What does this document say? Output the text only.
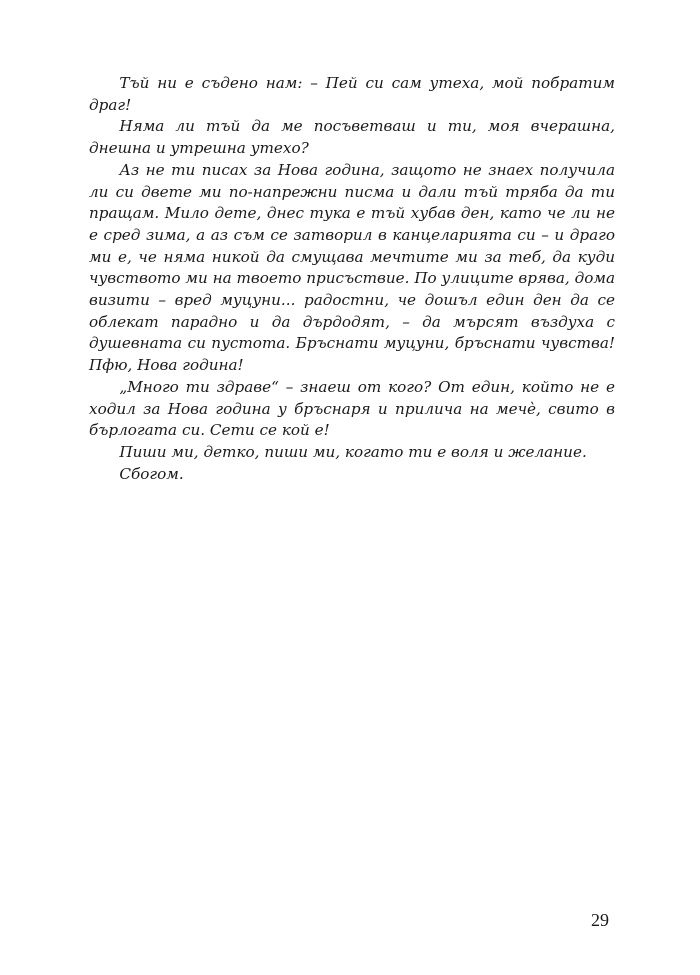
Тъй ни е съдено нам: – Пей си сам утеха, мой побратим драг!

Няма ли тъй да ме посъветваш и ти, моя вчерашна, днешна и утрешна утехо?

Аз не ти писах за Нова година, защото не знаех получила ли си двете ми по-напрежни писма и дали тъй тряба да ти пращам. Мило дете, днес тука е тъй хубав ден, като че ли не е сред зима, а аз съм се затворил в канцеларията си – и драго ми е, че няма никой да смущава мечтите ми за теб, да куди чувството ми на твоето присъствие. По улиците врява, дома визити – вред муцуни... радостни, че дошъл един ден да се облекат парадно и да дърдодят, – да мърсят въздуха с душевната си пустота. Бръснати муцуни, бръснати чувства! Пфю, Нова година!

„Много ти здраве“ – знаеш от кого? От един, който не е ходил за Нова година у бръснаря и прилича на мечѐ, свито в бърлогата си. Сети се кой е!

Пиши ми, детко, пиши ми, когато ти е воля и желание.

Сбогом.

29
